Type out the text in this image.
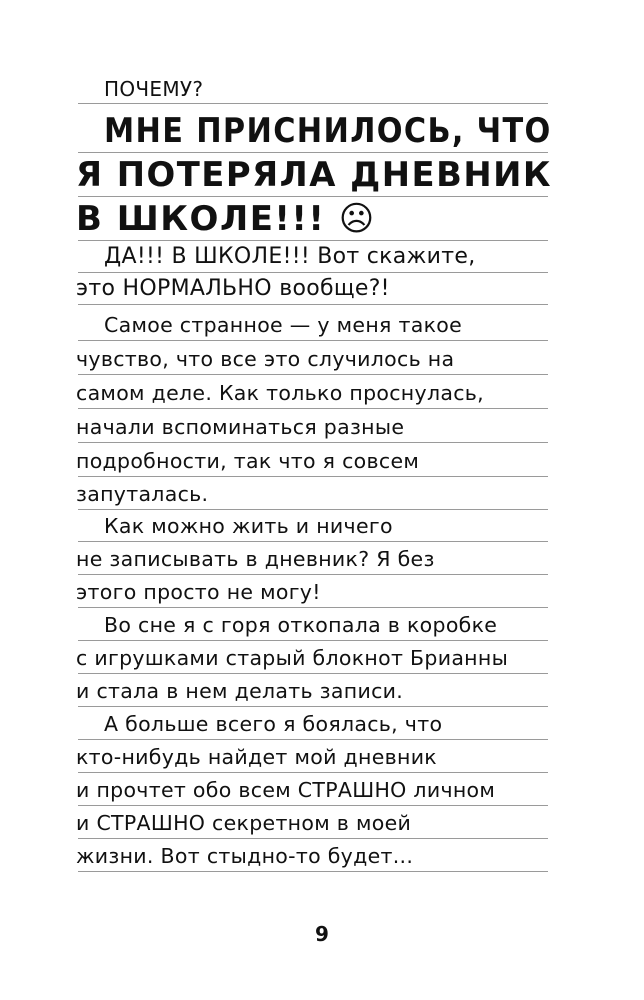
ПОЧЕМУ?
МНЕ ПРИСНИЛОСЬ, ЧТО
Я ПОТЕРЯЛА ДНЕВНИК
В ШКОЛЕ!!! ☹
ДА!!! В ШКОЛЕ!!! Вот скажите,
это НОРМАЛЬНО вообще?!
Самое странное — у меня такое
чувство, что все это случилось на
самом деле. Как только проснулась,
начали вспоминаться разные
подробности, так что я совсем
запуталась.
Как можно жить и ничего
не записывать в дневник? Я без
этого просто не могу!
Во сне я с горя откопала в коробке
с игрушками старый блокнот Брианны
и стала в нем делать записи.
А больше всего я боялась, что
кто-нибудь найдет мой дневник
и прочтет обо всем СТРАШНО личном
и СТРАШНО секретном в моей
жизни. Вот стыдно-то будет...
9
